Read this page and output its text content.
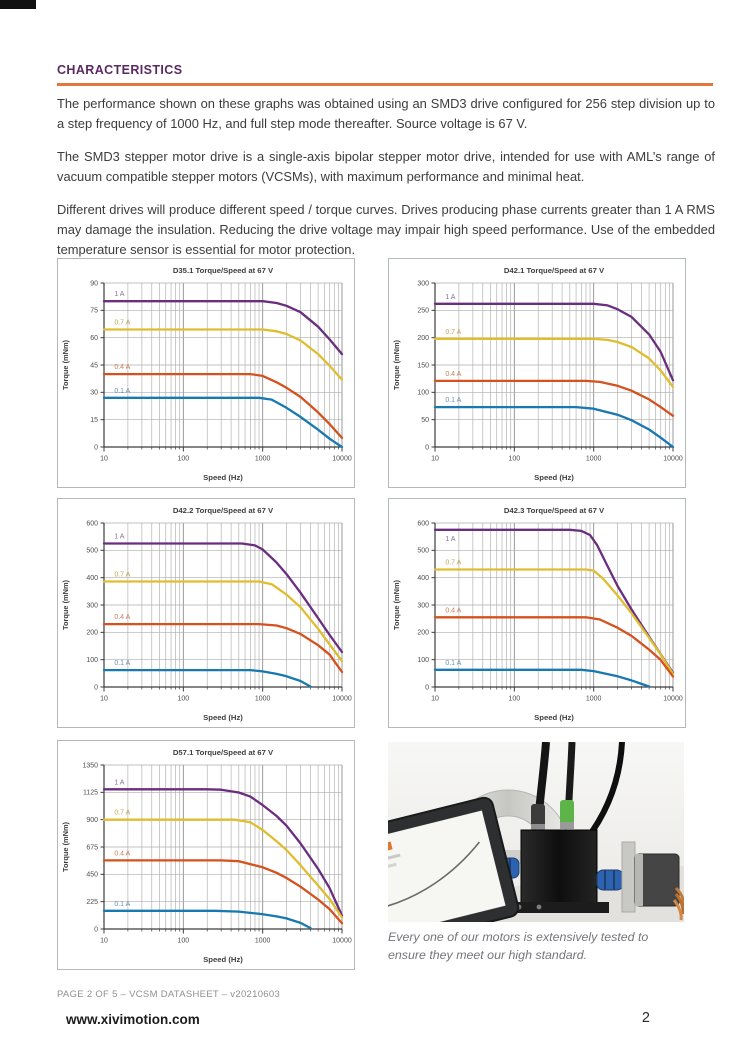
CHARACTERISTICS
The performance shown on these graphs was obtained using an SMD3 drive configured for 256 step division up to a step frequency of 1000 Hz, and full step mode thereafter. Source voltage is 67 V.
The SMD3 stepper motor drive is a single-axis bipolar stepper motor drive, intended for use with AML’s range of vacuum compatible stepper motors (VCSMs), with maximum performance and minimal heat.
Different drives will produce different speed / torque curves. Drives producing phase currents greater than 1 A RMS may damage the insulation. Reducing the drive voltage may impair high speed performance. Use of the embedded temperature sensor is essential for motor protection.
10	100	1000	10000
0
15
30
45
60
75
90
1 A
0.7 A
0.4 A
0.1 A
D35.1 Torque/Speed at 67 V
Speed (Hz)
Torque (mNm)
10	100	1000	10000
0
50
100
150
200
250
300
1 A
0.7 A
0.4 A
0.1 A
D42.1 Torque/Speed at 67 V
Speed (Hz)
Torque (mNm)
10	100	1000	10000
0
100
200
300
400
500
600
1 A
0.7 A
0.4 A
0.1 A
D42.2 Torque/Speed at 67 V
Speed (Hz)
Torque (mNm)
10	100	1000	10000
0
100
200
300
400
500
600
1 A
0.7 A
0.4 A
0.1 A
D42.3 Torque/Speed at 67 V
Speed (Hz)
Torque (mNm)
10	100	1000	10000
0
225
450
675
900
1125
1350
1 A
0.7 A
0.4 A
0.1 A
D57.1 Torque/Speed at 67 V
Speed (Hz)
Torque (mNm)
Every one of our motors is extensively tested to ensure they meet our high standard.
PAGE 2 OF 5 – VCSM DATASHEET – v20210603
www.xivimotion.com	2
